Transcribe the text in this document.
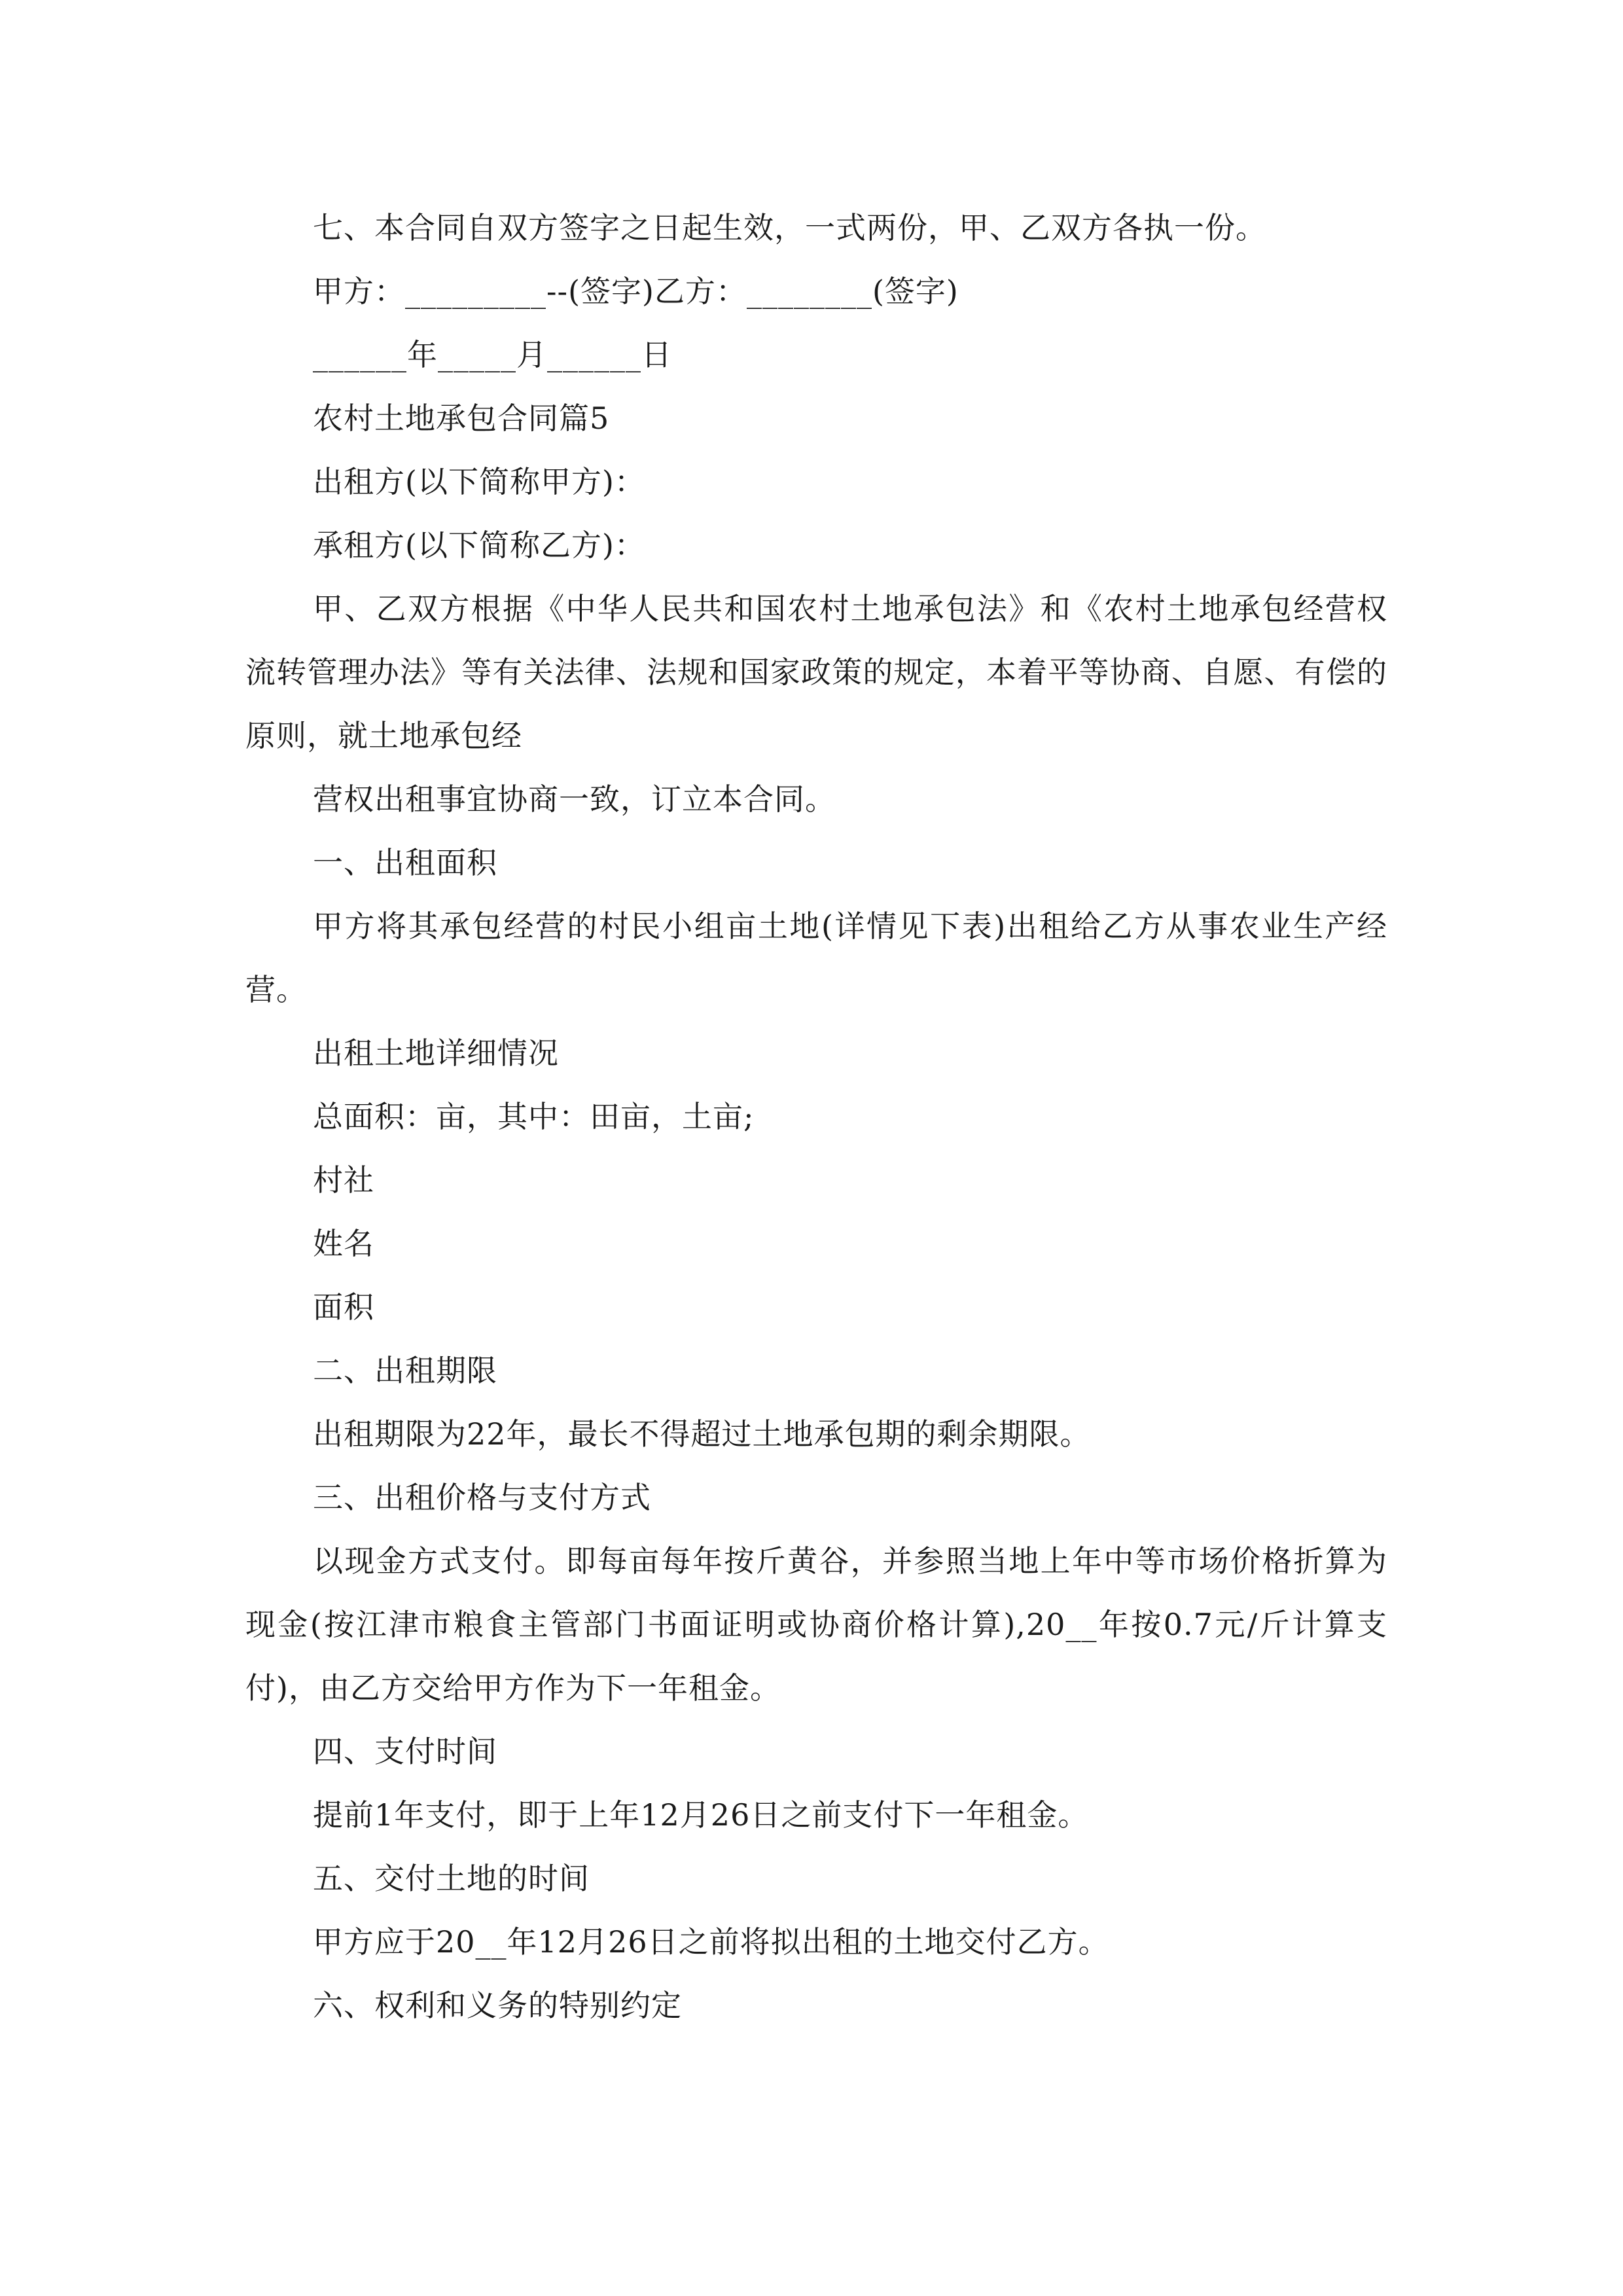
七、本合同自双方签字之日起生效，一式两份，甲、乙双方各执一份。

甲方：_________--(签字)乙方：________(签字)

______年_____月______日

农村土地承包合同篇5

出租方(以下简称甲方)：

承租方(以下简称乙方)：

甲、乙双方根据《中华人民共和国农村土地承包法》和《农村土地承包经营权流转管理办法》等有关法律、法规和国家政策的规定，本着平等协商、自愿、有偿的原则，就土地承包经

营权出租事宜协商一致，订立本合同。

一、出租面积

甲方将其承包经营的村民小组亩土地(详情见下表)出租给乙方从事农业生产经营。

出租土地详细情况

总面积：亩，其中：田亩，土亩;

村社

姓名

面积

二、出租期限

出租期限为22年，最长不得超过土地承包期的剩余期限。

三、出租价格与支付方式

以现金方式支付。即每亩每年按斤黄谷，并参照当地上年中等市场价格折算为现金(按江津市粮食主管部门书面证明或协商价格计算),20__年按0.7元/斤计算支付)，由乙方交给甲方作为下一年租金。

四、支付时间

提前1年支付，即于上年12月26日之前支付下一年租金。

五、交付土地的时间

甲方应于20__年12月26日之前将拟出租的土地交付乙方。

六、权利和义务的特别约定
